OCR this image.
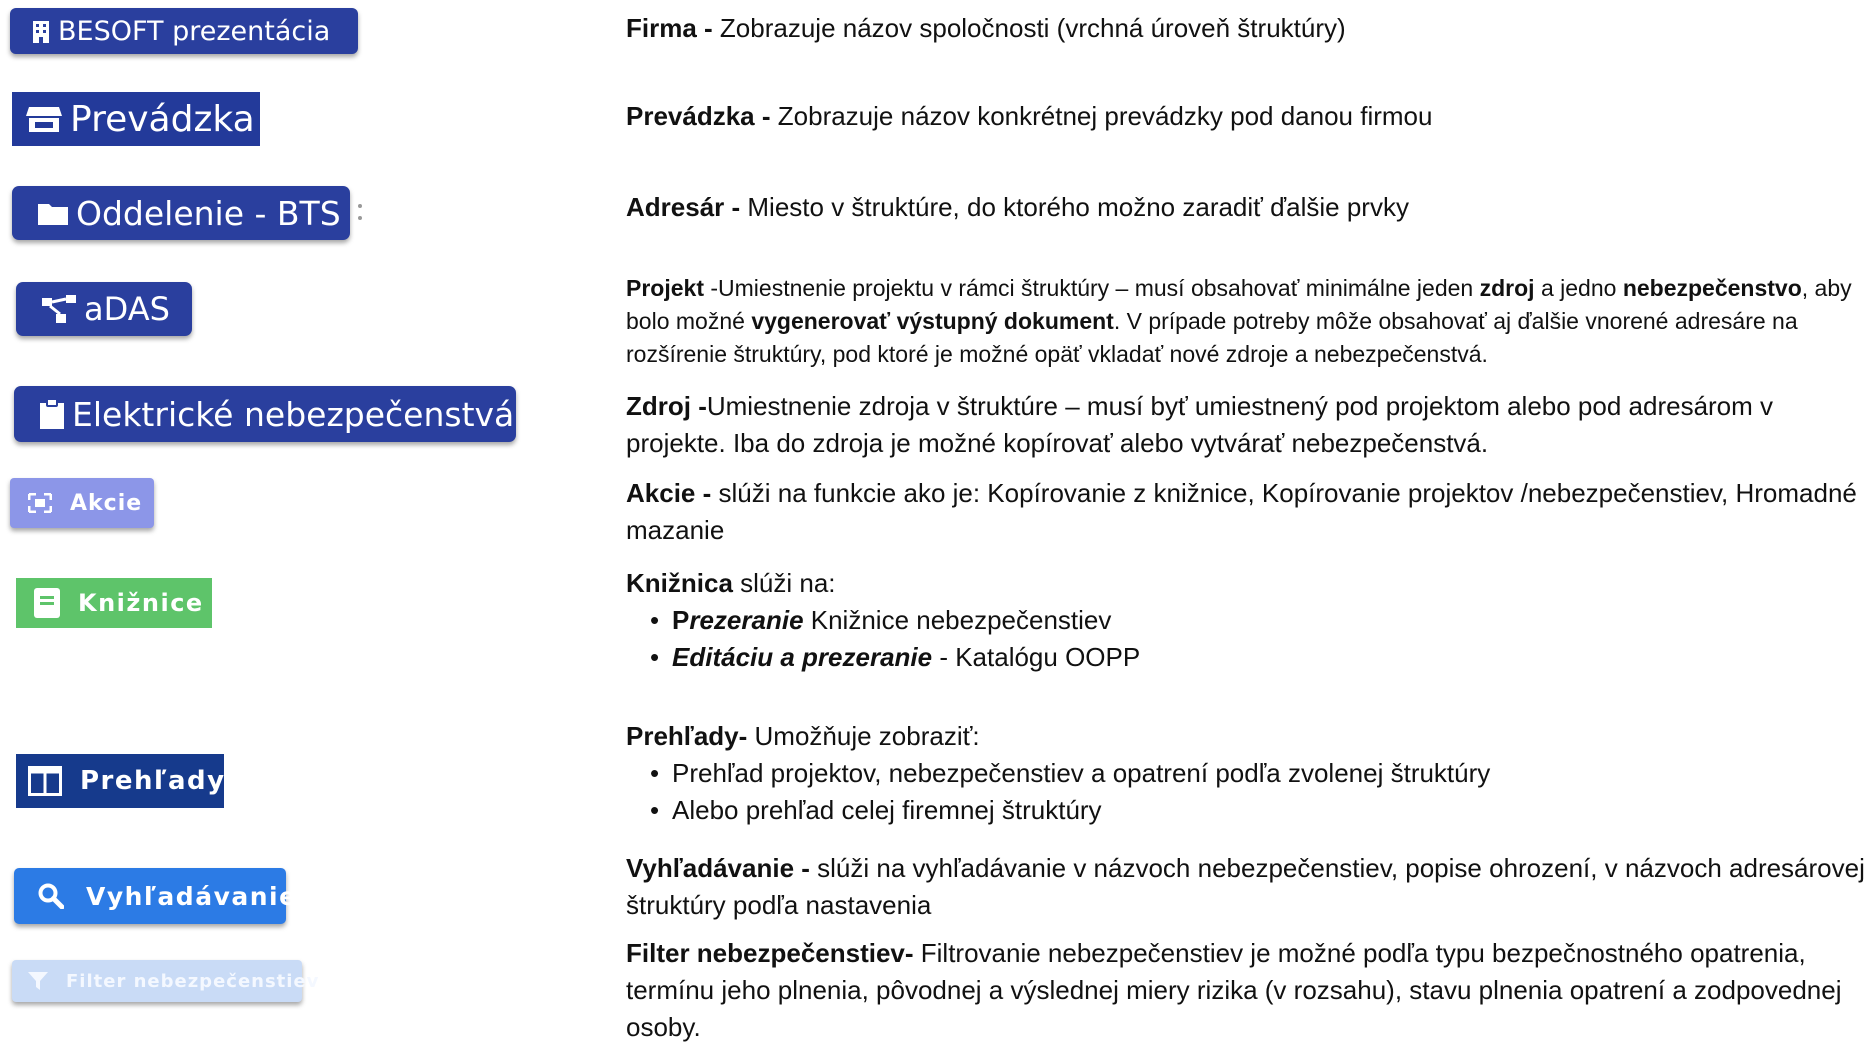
BESOFT prezentácia
Prevádzka
Oddelenie - BTS
aDAS
Elektrické nebezpečenstvá
Akcie
Knižnice
Prehľady
Vyhľadávanie
Filter nebezpečenstiev
Firma - Zobrazuje názov spoločnosti (vrchná úroveň štruktúry)
Prevádzka - Zobrazuje názov konkrétnej prevádzky pod danou firmou
Adresár - Miesto v štruktúre, do ktorého možno zaradiť ďalšie prvky
Projekt -Umiestnenie projektu v rámci štruktúry – musí obsahovať minimálne jeden zdroj a jedno nebezpečenstvo, aby bolo možné vygenerovať výstupný dokument. V prípade potreby môže obsahovať aj ďalšie vnorené adresáre na rozšírenie štruktúry, pod ktoré je možné opäť vkladať nové zdroje a nebezpečenstvá.
Zdroj -Umiestnenie zdroja v štruktúre – musí byť umiestnený pod projektom alebo pod adresárom v projekte. Iba do zdroja je možné kopírovať alebo vytvárať nebezpečenstvá.
Akcie - slúži na funkcie ako je: Kopírovanie z knižnice, Kopírovanie projektov /nebezpečenstiev, Hromadné mazanie
Knižnica slúži na:
• Prezeranie Knižnice nebezpečenstiev
• Editáciu a prezeranie - Katalógu OOPP
Prehľady- Umožňuje zobraziť:
• Prehľad projektov, nebezpečenstiev a opatrení podľa zvolenej štruktúry
• Alebo prehľad celej firemnej štruktúry
Vyhľadávanie - slúži na vyhľadávanie v názvoch nebezpečenstiev, popise ohrození, v názvoch adresárovej štruktúry podľa nastavenia
Filter nebezpečenstiev- Filtrovanie nebezpečenstiev je možné podľa typu bezpečnostného opatrenia, termínu jeho plnenia, pôvodnej a výslednej miery rizika (v rozsahu), stavu plnenia opatrení a zodpovednej osoby.
